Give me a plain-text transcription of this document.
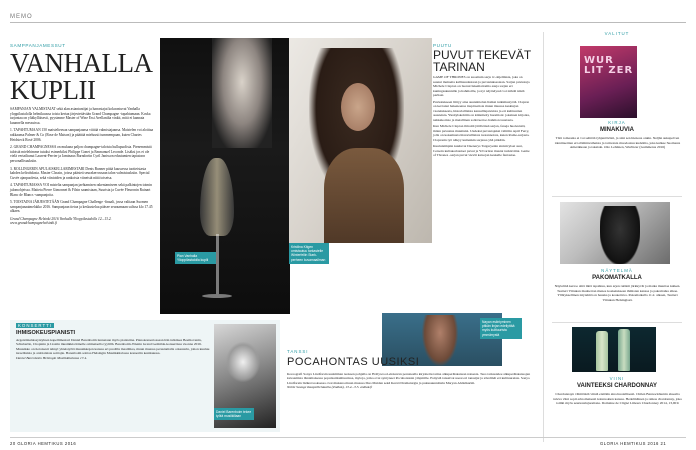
MEMO
SAMPPANJAMESSUT
VANHALLA KUPLII

SAMPANJAN VALMISTAJAT sekä alan asiantuntijat ja harrastajat kokoontuvat Vanhalla yloppilastalolla helmikuussa toista kertaa järjestettävään Grand Champagne -tapahtumaan. Koska tarjontaa on yltäkylläisesti, pyysimme Master of Wine Essi Avellanilta vinkit, mitä ei kannata kuunnella messuissa.

1. TAPAHTUMAAN 150 maistelteavaa sampanjaansa viittää valmistajaansa. Maistelen voi aloittaa rakkaansa Palmer & Co (Rose de Maison) ja päättää mieluusti tummempaan, kuten Chartes Heidsieck Rosé 2006.

2. GRAND CHAMPAGNESSA on mukana paljon champagne-taloista hullupuolista. Pienemmistä taloistä mielehimme tutuksi esimerkiksi Philippe Gonet ja Emmanuel Leconde. Lisäksi jos ei ole vielä vertailtunut Laurent-Perrier ja Jaminaux Barndortin Cyril Janisson edustamien tapiatoon personallisuuksiin.

3. ROLLINGERIN APULAISKELLARIMESTARI Denis Bunner pitää kaussessa tuotteistasta kahden kelirohdasta. Master Classin, joissa päästeä seurakerrossaan talon valmistusksiin. Special Cuvée ajanpuolesta, sekä viinioiden ja rankoista viineistä niitä toisetsa.

4. TAPAHTUMASSA VOI mistelta sampanjan jaehtamisen rakentamiseen sekä palkintojen toimin jalomohjeissa. Maiteta Pierre Gimonnet & Filsin saamistaan, Suurista ja Cuvée Fleuronin Ruinart Blanc de Blancs -sampanjoita.

5. TOISTAINA JÄRJESTETÄÄN Grand Champagne Challenge -finaali, jossa valitaan Suomen sampanjanaaimelakko 2016. Sampanjaan tietoa ja keskustelua pääsee seuraamaan salissa klo 17.45 alkaen.

Grand Champagne Helsinki 2016 Vanhalla Ylioppilastalolla 12.–13.2. www.grandchampagnehelsinki.fi

Pian Vanhalla Ylioppilastalolla kuplii
Kristiina Kitgen omistautuu tarkastelle Winterfellin Stark-perheen kuvamaailman
PUUTU
PUVUT TEKEVÄT TARINAN

GAME OF THRONES on suosituin sarja tv-ohjelmista, joka on saanut mainetta kallisuudestaan ja puvustuksestaan. Sarjan puvustaja Michele Clapton on luonut lukemattomia asuja sarjan eri kuningaskunnille ja hahmoille, ja nyt näyttelyssä voi nähdä niistä parhaat.

Puvustukseen liittyy aina suunnittelun lisäksi tutkimustyötä. Clapton on kertonut hakeneensa inspiraatiota muun muassa keskiajan vaatetuksesta, historiallisista kansallispuvuista ja eri kulttuurien asusteista. Yksityiskohtiin on kiinnitetty huomiota: jokainen kirjonta, nahkakoriste ja metallinen solki kertoo hahmon taustasta.

Kun Michele Clapton ilmoitti jättävänsä sarjan, faneja huolestutti, miten puvustus muuttuisi. Uudeksi puvustajaksi valittiin April Ferry, jolla on kokemusta historiallisista tuotannoista, kuten Rome-sarjasta. Claptonin työ näkyy kuitenkin sarjassa yhä pitkään.

Kuuluisimpiin kuuluvat Daenerys Targaryenin sinisävyiset asut, Cersein kultakoristeiset puvut ja Yövartion mustat turkisviitat. Game of Thrones -sarjan puvut vievät katsojan keskelle fantasiaa.

VALITUT
WUR LIT ZER
KIRJA
MINAKUVIA
Tätä romaania ei voi selittää tyhjentävästi, ja sinä sen hienous onkin. Neljän sukupolven identiteettien eri elämänvaiheista ja tarinoista muodostuu kudelma, joka kulkee Suomesta Amerikkaan ja takaisin. Otto Lehtinen, Wurlitzer (Gummerus 2016)
NÄYTELMÄ
PAKOMATKALLA
Näytelmä kertoo siitä mitä tapahtuu, kun arjen rutiinit järkkyvät ja matka muuttaa kaiken. Teatteri Viirukan maaherran menee kosketukseen ihmisten kanssa ja pakomatka alkaa. Yllätyksellinen näytelmä on hauska ja koskettava. Pakomatkalla 11.2. alkaen, Teatteri Viirukan Helsingissä.
VIINI
VAINTEEKSI CHARDONNAY
Chardonnayn vähittäistä viiniä etsitään aina huolellisesti. Chilen Bannockburnin alueelta tuleva viini sopii erinomaisesti kalaruokien kanssa. Hedelmäinen ja raikas chardonnay, joka toimii myös seurustelujuomana. Domaine de Cligné Limoux Chardonnay 2014, 13,90 €
KONSERTTI
IHMISOKEUSPIANISTI
Argentiinalaissyntyinen kapellimestari Daniel Barenboim tunnetaan myös pianistina. Pianokonsertossaan hän tulkitsee Beethovenin, Schubertin, Chopinin ja Lisztin musiikkia hänelle ominaisella tyylillä. Barenboim-Wienin Grand Gemälde-konsertissa vuonna 2016. Muusikko on tietoisesti tehnyt yhteistyötä muusikkojen kanssa eri puolilla maailmaa, muun muassa perustamalla orkesterin, johon kuuluu israelilaisia ja arabialaisia soittajia. Barenboim soittaa Helsingin Musiikkitalossa konsertin kesäkuussa.
Daniel Barenboim Helsingin Musiikkitalossa 17.4.
Daniel Barenboim tekee työtä musiikillaan
Nayan esiintyminen pitkän linjan edellyttää myös kulttuurista ymmärrystä
TANSSI
POCAHONTAS UUSIKSI
Koreografi Sonya Lindforsin uusimman teoksen pohjalla on Hollywood-elokuvan perusteella kirjoitettu tarina alkuperäiskansan naisesta. Teos tarkastelee alkuperäiskansojen kuvaamista länsimaisessa populaarikulttuurissa, mytoja, jotka ovat syntyneet Pocahontasin ympärille. Esitystä tanssivat useat eri tanssijat ja sävelmät eri kulttuureista. Sonya Lindforsin lisäksi teoksessa ovat mukana muun muassa Duo Maiden sekä Kersti Dramaturgia ja pukusuunnittelu Maryan Abdulkarim.
Noble Savage Kaapelitehtaalla (Zodiak), 13.4.–3.5. zodiak.fi
20 GLORIA HEMTIKUS 2016	GLORIA HEMTIKUS 2016 21
